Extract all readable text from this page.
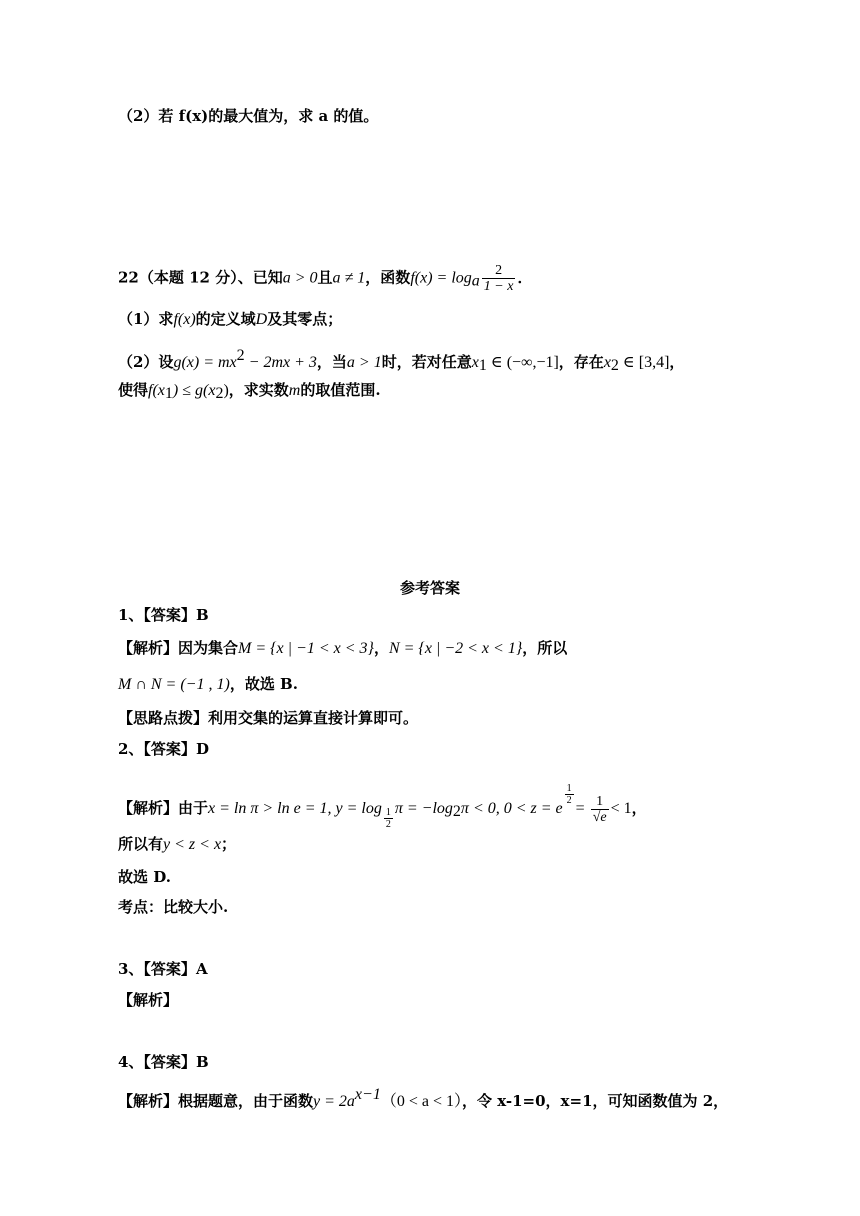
（2）若 f(x)的最大值为，求 a 的值。
22（本题 12 分）、已知a > 0且a ≠ 1，函数f(x) = loga $\frac{2}{1 - x}$ ．
（1）求f(x)的定义域D及其零点；
（2）设g(x) = mx2 − 2mx + 3，当a > 1时，若对任意x1 ∈ (−∞,−1]，存在x2 ∈ [3,4]，
使得f(x1) ≤ g(x2)，求实数m的取值范围.
参考答案
1、【答案】B
【解析】因为集合M = {x | −1 < x < 3}，N = {x | −2 < x < 1}，所以
M ∩ N = (−1 , 1)，故选 B.
【思路点拨】利用交集的运算直接计算即可。
2、【答案】D
【解析】由于x = ln π > ln e = 1, $y = \log \frac{1}{2}$ π = −log2π < 0, 0 < z = e
$\frac{1}{2}$
= $\frac{1}{√e} < 1$，
所以有y < z < x；
故选 D.
考点：比较大小.
3、【答案】A
【解析】
4、【答案】B
【解析】根据题意，由于函数y = 2ax−1（0 < a < 1），令 x-1=0，x=1，可知函数值为 2，
